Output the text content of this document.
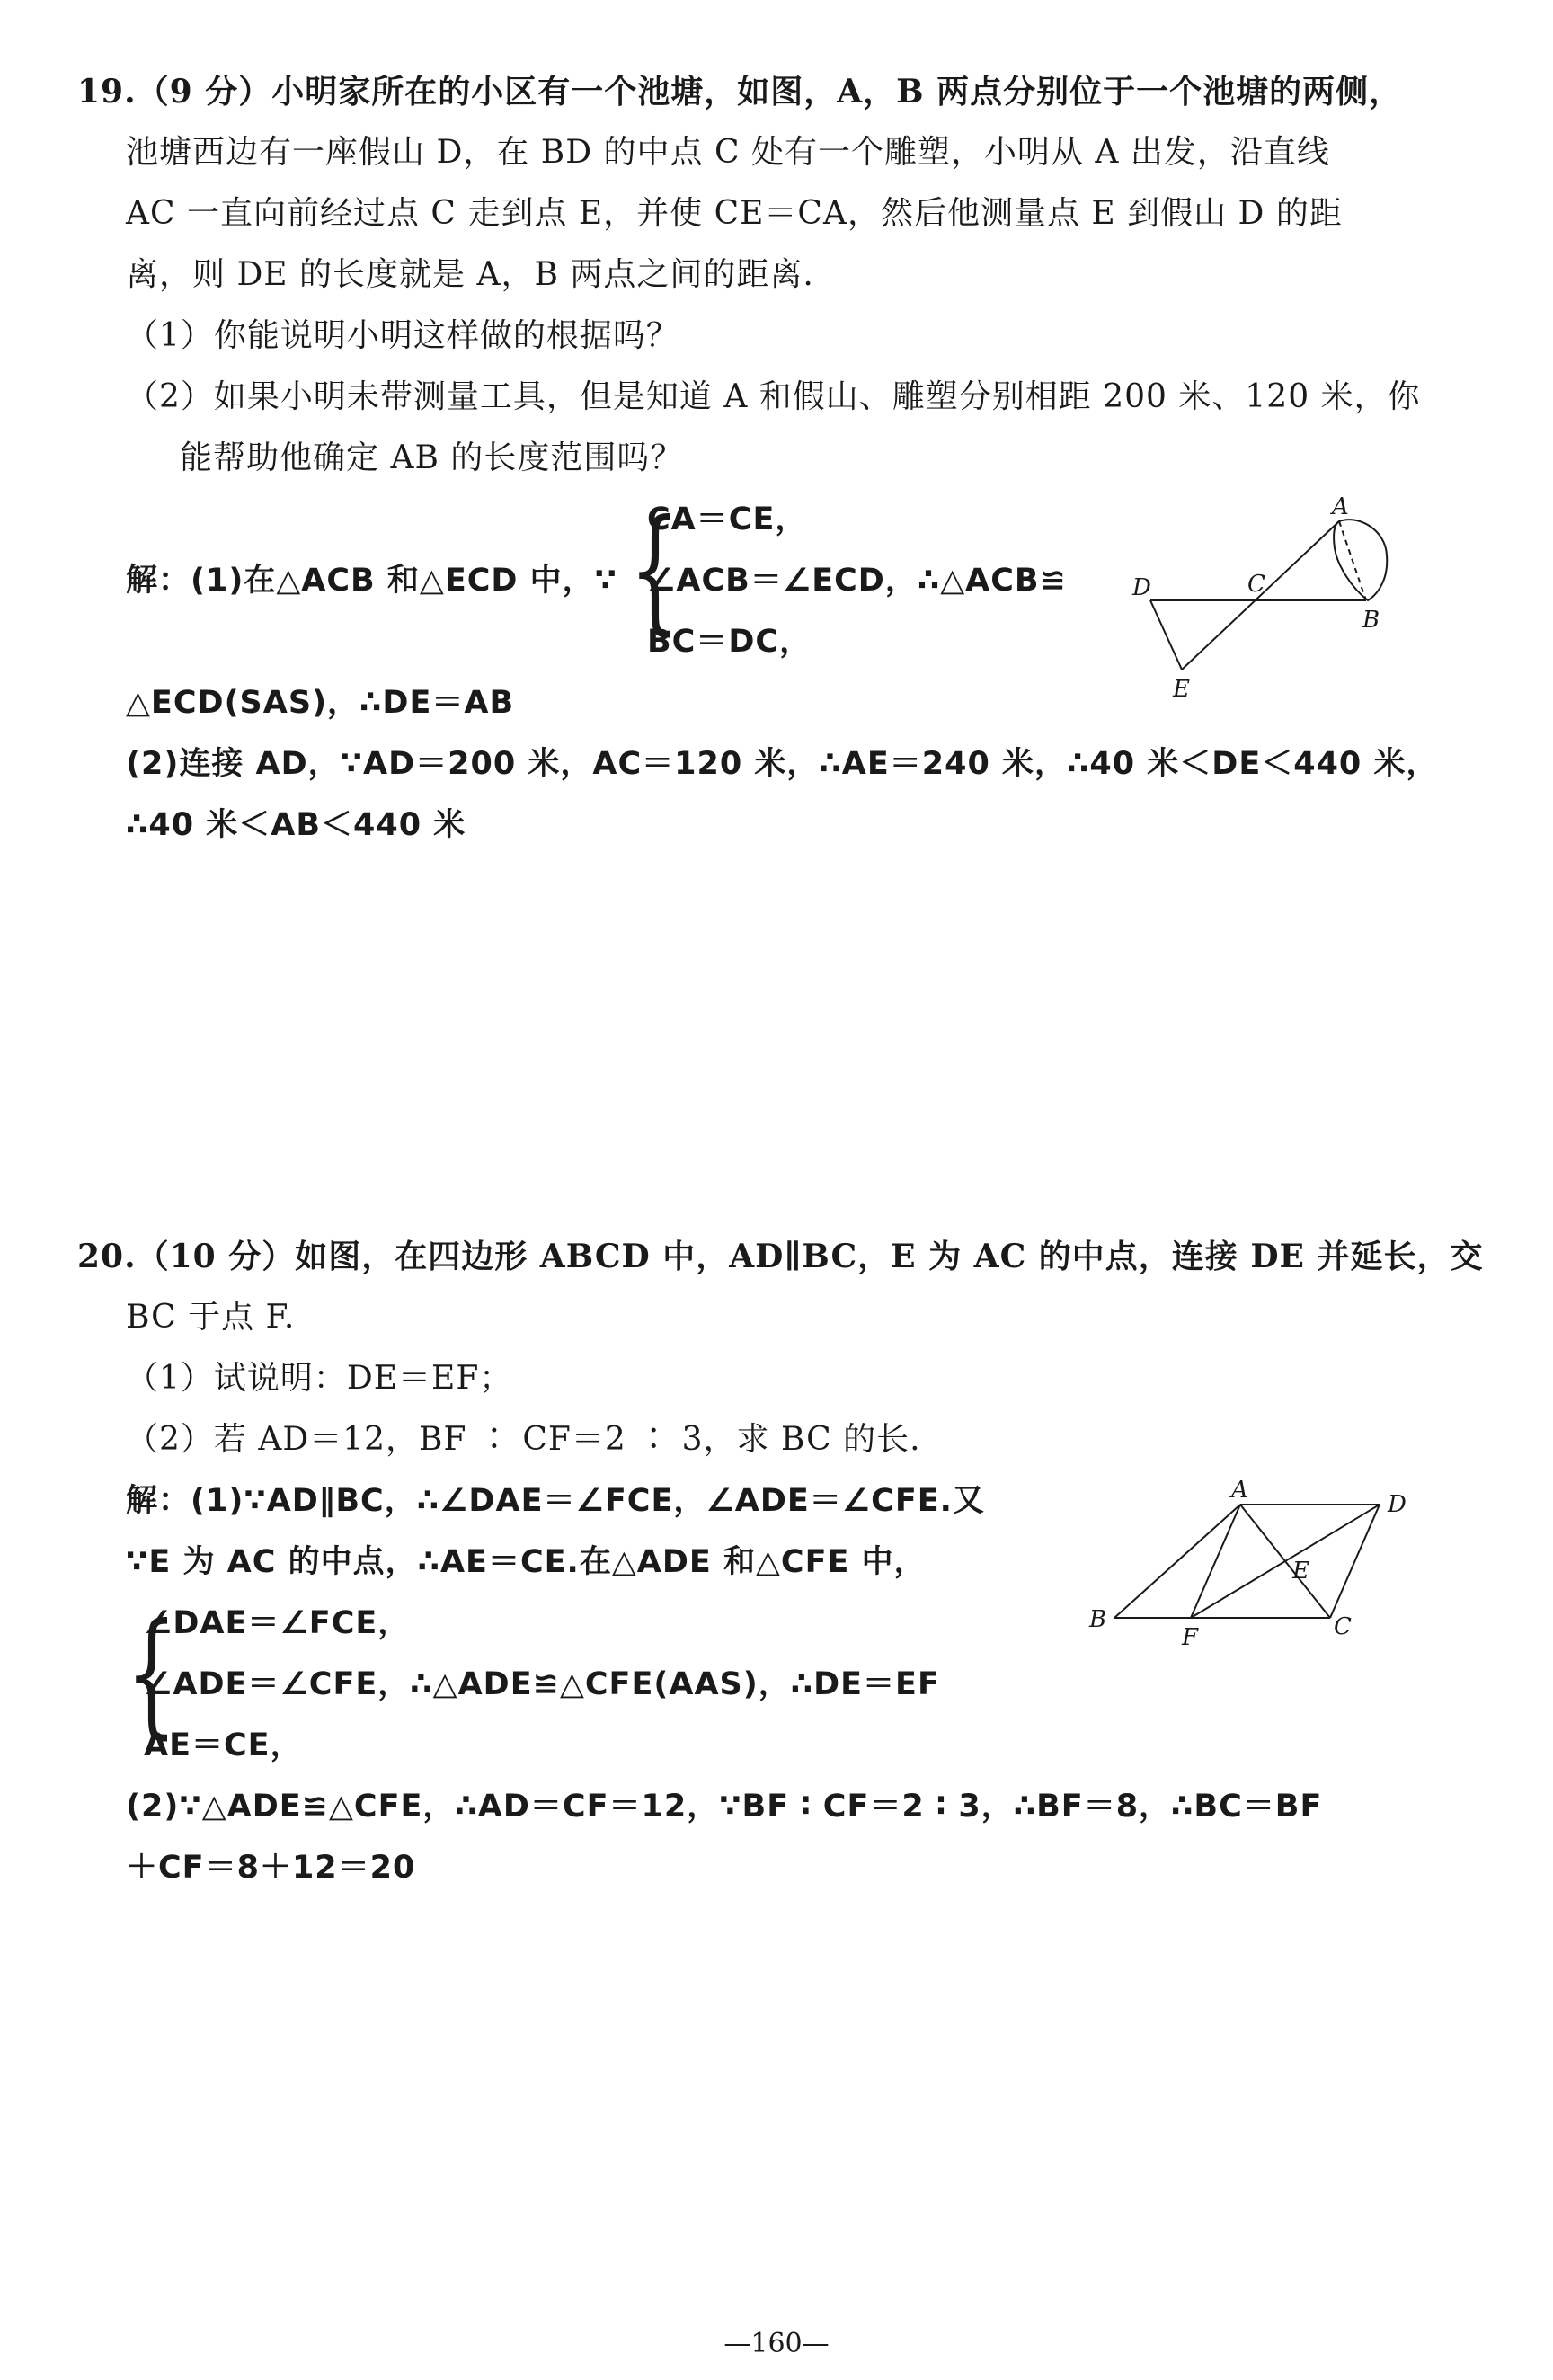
19.（9 分）小明家所在的小区有一个池塘，如图，A，B 两点分别位于一个池塘的两侧，
池塘西边有一座假山 D，在 BD 的中点 C 处有一个雕塑，小明从 A 出发，沿直线
AC 一直向前经过点 C 走到点 E，并使 CE＝CA，然后他测量点 E 到假山 D 的距
离，则 DE 的长度就是 A，B 两点之间的距离.
（1）你能说明小明这样做的根据吗？
（2）如果小明未带测量工具，但是知道 A 和假山、雕塑分别相距 200 米、120 米，你
能帮助他确定 AB 的长度范围吗？
解：(1)在△ACB 和△ECD 中，∵ {
CA＝CE，
∠ACB＝∠ECD，∴△ACB≌
BC＝DC，
△ECD(SAS)，∴DE＝AB
(2)连接 AD，∵AD＝200 米，AC＝120 米，∴AE＝240 米，∴40 米＜DE＜440 米，
∴40 米＜AB＜440 米
A
B
C
D
E
20.（10 分）如图，在四边形 ABCD 中，AD∥BC，E 为 AC 的中点，连接 DE 并延长，交
BC 于点 F.
（1）试说明：DE＝EF；
（2）若 AD＝12，BF ∶ CF＝2 ∶ 3，求 BC 的长.
解：(1)∵AD∥BC，∴∠DAE＝∠FCE，∠ADE＝∠CFE.又
∵E 为 AC 的中点，∴AE＝CE.在△ADE 和△CFE 中，
{
∠DAE＝∠FCE，
∠ADE＝∠CFE，∴△ADE≌△CFE(AAS)，∴DE＝EF
AE＝CE，
(2)∵△ADE≌△CFE，∴AD＝CF＝12，∵BF ∶ CF＝2 ∶ 3，∴BF＝8，∴BC＝BF
＋CF＝8＋12＝20
A
B	C
D
E
F
—160—
